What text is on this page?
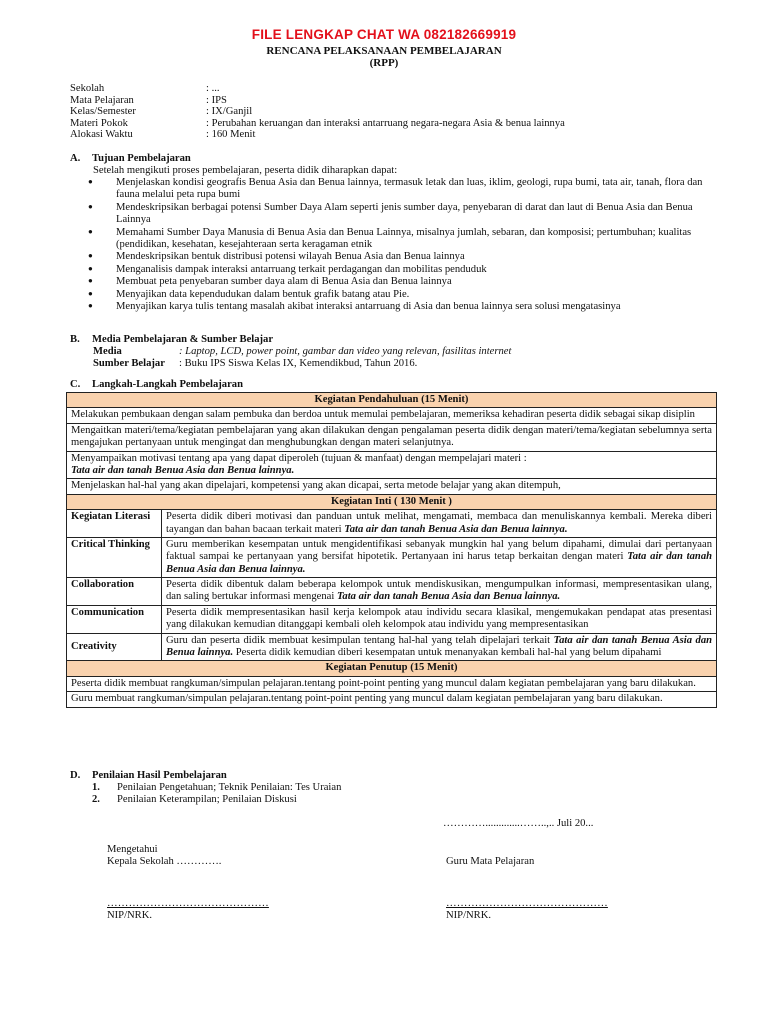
FILE LENGKAP CHAT WA 082182669919
RENCANA PELAKSANAAN PEMBELAJARAN
(RPP)
Sekolah	: ...
Mata Pelajaran	: IPS
Kelas/Semester	: IX/Ganjil
Materi Pokok	: Perubahan keruangan dan interaksi antarruang negara-negara Asia & benua lainnya
Alokasi Waktu	: 160 Menit
A. Tujuan Pembelajaran
Setelah mengikuti proses pembelajaran, peserta didik diharapkan dapat:
● Menjelaskan kondisi geografis Benua Asia dan Benua lainnya, termasuk letak dan luas, iklim, geologi, rupa bumi, tata air, tanah, flora dan fauna melalui peta rupa bumi
● Mendeskripsikan berbagai potensi Sumber Daya Alam seperti jenis sumber daya, penyebaran di darat dan laut di Benua Asia dan Benua Lainnya
● Memahami Sumber Daya Manusia di Benua Asia dan Benua Lainnya, misalnya jumlah, sebaran, dan komposisi; pertumbuhan; kualitas (pendidikan, kesehatan, kesejahteraan serta keragaman etnik
● Mendeskripsikan bentuk distribusi potensi wilayah Benua Asia dan Benua lainnya
● Menganalisis dampak interaksi antarruang terkait perdagangan dan mobilitas penduduk
● Membuat peta penyebaran sumber daya alam di Benua Asia dan Benua lainnya
● Menyajikan data kependudukan dalam bentuk grafik batang atau Pie.
● Menyajikan karya tulis tentang masalah akibat interaksi antarruang di Asia dan benua lainnya sera solusi mengatasinya
B. Media Pembelajaran & Sumber Belajar
Media	: Laptop, LCD, power point, gambar dan video yang relevan, fasilitas internet
Sumber Belajar : Buku IPS Siswa Kelas IX, Kemendikbud, Tahun 2016.
C. Langkah-Langkah Pembelajaran
Kegiatan Pendahuluan (15 Menit)	
Melakukan pembukaan dengan salam pembuka dan berdoa untuk memulai pembelajaran, memeriksa kehadiran peserta didik sebagai sikap disiplin	
Mengaitkan materi/tema/kegiatan pembelajaran yang akan dilakukan dengan pengalaman peserta didik dengan materi/tema/kegiatan sebelumnya serta mengajukan pertanyaan untuk mengingat dan menghubungkan dengan materi selanjutnya.	
Menyampaikan motivasi tentang apa yang dapat diperoleh (tujuan & manfaat) dengan mempelajari materi :
Tata air dan tanah Benua Asia dan Benua lainnya.	
Menjelaskan hal-hal yang akan dipelajari, kompetensi yang akan dicapai, serta metode belajar yang akan ditempuh,	
Kegiatan Inti ( 130 Menit )	
Kegiatan Literasi	Peserta didik diberi motivasi dan panduan untuk melihat, mengamati, membaca dan menuliskannya kembali. Mereka diberi tayangan dan bahan bacaan terkait materi Tata air dan tanah Benua Asia dan Benua lainnya.
Critical Thinking	Guru memberikan kesempatan untuk mengidentifikasi sebanyak mungkin hal yang belum dipahami, dimulai dari pertanyaan faktual sampai ke pertanyaan yang bersifat hipotetik. Pertanyaan ini harus tetap berkaitan dengan materi Tata air dan tanah Benua Asia dan Benua lainnya.
Collaboration	Peserta didik dibentuk dalam beberapa kelompok untuk mendiskusikan, mengumpulkan informasi, mempresentasikan ulang, dan saling bertukar informasi mengenai Tata air dan tanah Benua Asia dan Benua lainnya.
Communication	Peserta didik mempresentasikan hasil kerja kelompok atau individu secara klasikal, mengemukakan pendapat atas presentasi yang dilakukan kemudian ditanggapi kembali oleh kelompok atau individu yang mempresentasikan
Creativity	Guru dan peserta didik membuat kesimpulan tentang hal-hal yang telah dipelajari terkait Tata air dan tanah Benua Asia dan Benua lainnya. Peserta didik kemudian diberi kesempatan untuk menanyakan kembali hal-hal yang belum dipahami
Kegiatan Penutup (15 Menit)	
Peserta didik membuat rangkuman/simpulan pelajaran.tentang point-point penting yang muncul dalam kegiatan pembelajaran yang baru dilakukan.	
Guru membuat rangkuman/simpulan pelajaran.tentang point-point penting yang muncul dalam kegiatan pembelajaran yang baru dilakukan.	
D. Penilaian Hasil Pembelajaran
1. Penilaian Pengetahuan; Teknik Penilaian: Tes Uraian
2. Penilaian Keterampilan; Penilaian Diskusi
………….............……..,.. Juli 20...
Mengetahui
Kepala Sekolah ………….	Guru Mata Pelajaran
………………………………………	………………………………………
NIP/NRK.	NIP/NRK.
